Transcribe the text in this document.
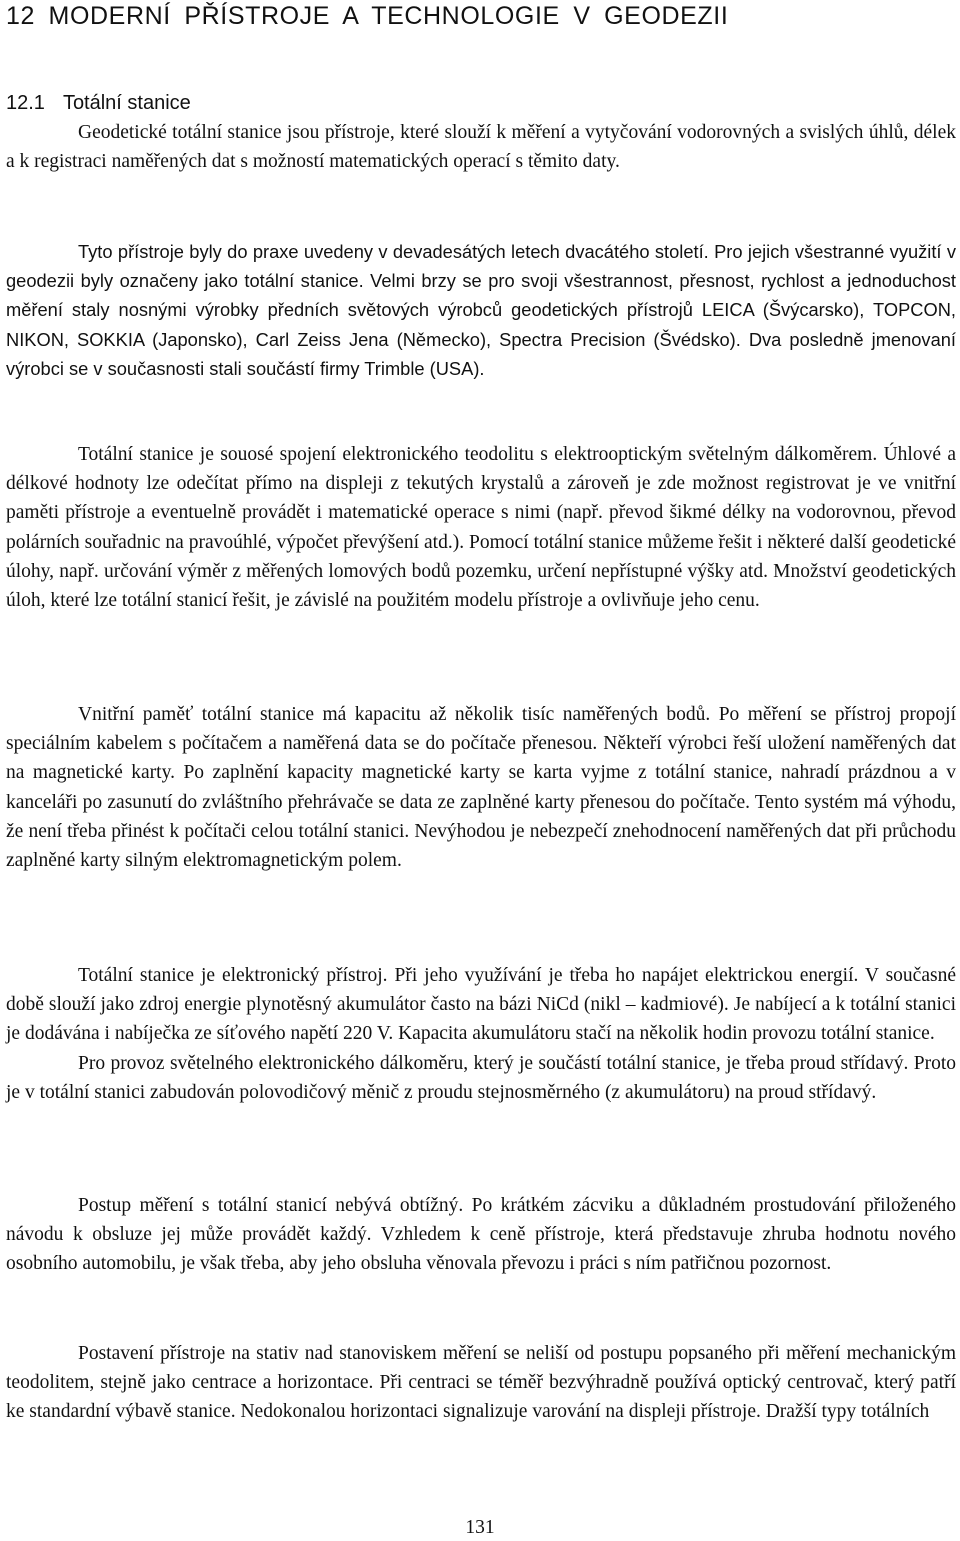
12 MODERNÍ PŘÍSTROJE A TECHNOLOGIE V GEODEZII
12.1 Totální stanice

Geodetické totální stanice jsou přístroje, které slouží k měření a vytyčování vodorovných a svislých úhlů, délek a k registraci naměřených dat s možností matematických operací s těmito daty.

Tyto přístroje byly do praxe uvedeny v devadesátých letech dvacátého století. Pro jejich všestranné využití v geodezii byly označeny jako totální stanice. Velmi brzy se pro svoji všestrannost, přesnost, rychlost a jednoduchost měření staly nosnými výrobky předních světových výrobců geodetických přístrojů LEICA (Švýcarsko), TOPCON, NIKON, SOKKIA (Japonsko), Carl Zeiss Jena (Německo), Spectra Precision (Švédsko). Dva posledně jmenovaní výrobci se v současnosti stali součástí firmy Trimble (USA).

Totální stanice je souosé spojení elektronického teodolitu s elektrooptickým světelným dálkoměrem. Úhlové a délkové hodnoty lze odečítat přímo na displeji z tekutých krystalů a zároveň je zde možnost registrovat je ve vnitřní paměti přístroje a eventuelně provádět i matematické operace s nimi (např. převod šikmé délky na vodorovnou, převod polárních souřadnic na pravoúhlé, výpočet převýšení atd.). Pomocí totální stanice můžeme řešit i některé další geodetické úlohy, např. určování výměr z měřených lomových bodů pozemku, určení nepřístupné výšky atd. Množství geodetických úloh, které lze totální stanicí řešit, je závislé na použitém modelu přístroje a ovlivňuje jeho cenu.

Vnitřní paměť totální stanice má kapacitu až několik tisíc naměřených bodů. Po měření se přístroj propojí speciálním kabelem s počítačem a naměřená data se do počítače přenesou. Někteří výrobci řeší uložení naměřených dat na magnetické karty. Po zaplnění kapacity magnetické karty se karta vyjme z totální stanice, nahradí prázdnou a v kanceláři po zasunutí do zvláštního přehrávače se data ze zaplněné karty přenesou do počítače. Tento systém má výhodu, že není třeba přinést k počítači celou totální stanici. Nevýhodou je nebezpečí znehodnocení naměřených dat při průchodu zaplněné karty silným elektromagnetickým polem.

Totální stanice je elektronický přístroj. Při jeho využívání je třeba ho napájet elektrickou energií. V současné době slouží jako zdroj energie plynotěsný akumulátor často na bázi NiCd (nikl – kadmiové). Je nabíjecí a k totální stanici je dodávána i nabíječka ze síťového napětí 220 V. Kapacita akumulátoru stačí na několik hodin provozu totální stanice.

Pro provoz světelného elektronického dálkoměru, který je součástí totální stanice, je třeba proud střídavý. Proto je v totální stanici zabudován polovodičový měnič z proudu stejnosměrného (z akumulátoru) na proud střídavý.

Postup měření s totální stanicí nebývá obtížný. Po krátkém zácviku a důkladném prostudování přiloženého návodu k obsluze jej může provádět každý. Vzhledem k ceně přístroje, která představuje zhruba hodnotu nového osobního automobilu, je však třeba, aby jeho obsluha věnovala převozu i práci s ním patřičnou pozornost.

Postavení přístroje na stativ nad stanoviskem měření se neliší od postupu popsaného při měření mechanickým teodolitem, stejně jako centrace a horizontace. Při centraci se téměř bezvýhradně používá optický centrovač, který patří ke standardní výbavě stanice. Nedokonalou horizontaci signalizuje varování na displeji přístroje. Dražší typy totálních

131
